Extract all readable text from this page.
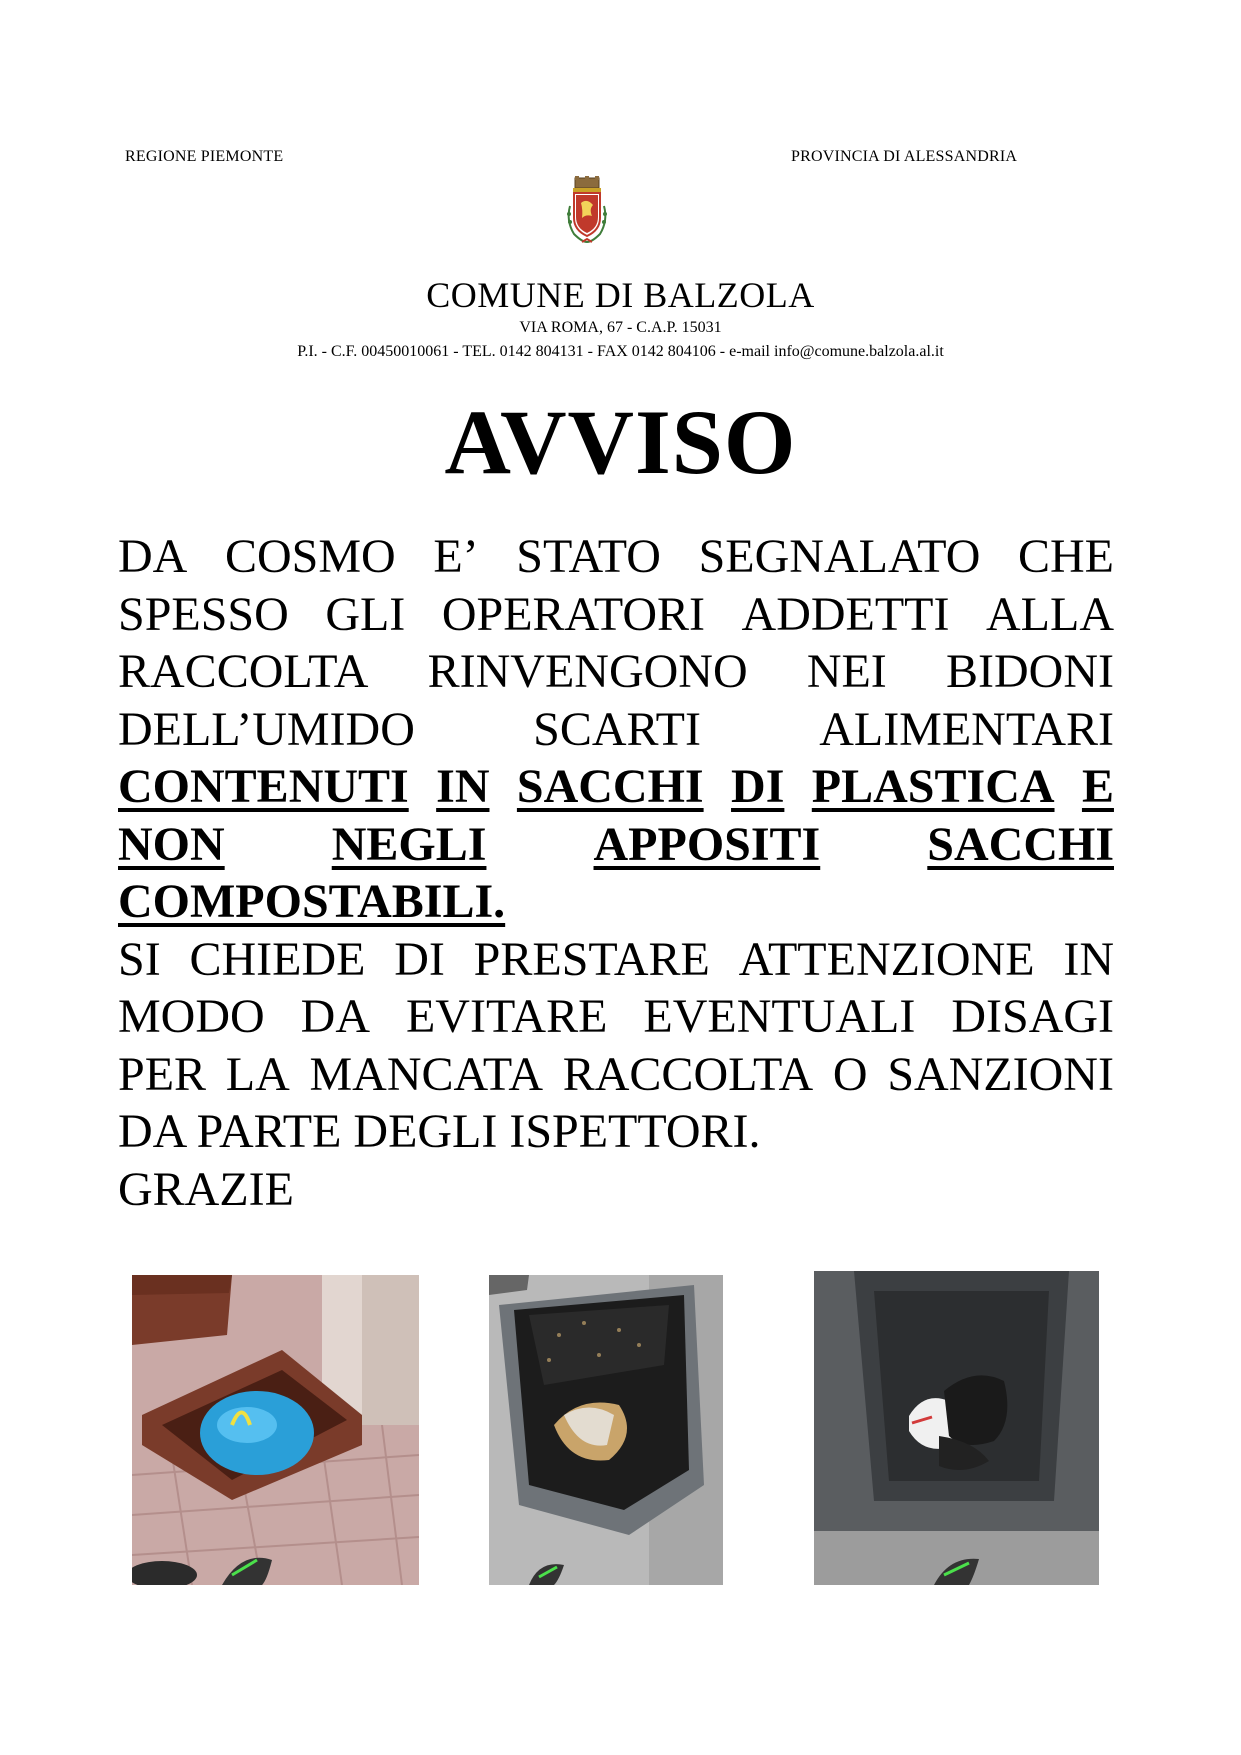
REGIONE PIEMONTE	PROVINCIA DI ALESSANDRIA
COMUNE DI BALZOLA
VIA ROMA, 67 - C.A.P. 15031
P.I. - C.F. 00450010061 - TEL. 0142 804131 - FAX 0142 804106 - e-mail info@comune.balzola.al.it
AVVISO
DA COSMO E’ STATO SEGNALATO CHE
SPESSO GLI OPERATORI ADDETTI ALLA
RACCOLTA RINVENGONO NEI BIDONI
DELL’UMIDO SCARTI ALIMENTARI
CONTENUTI IN SACCHI DI PLASTICA E
NON NEGLI APPOSITI SACCHI
COMPOSTABILI.
SI CHIEDE DI PRESTARE ATTENZIONE IN
MODO DA EVITARE EVENTUALI DISAGI
PER LA MANCATA RACCOLTA O SANZIONI
DA PARTE DEGLI ISPETTORI.
GRAZIE
